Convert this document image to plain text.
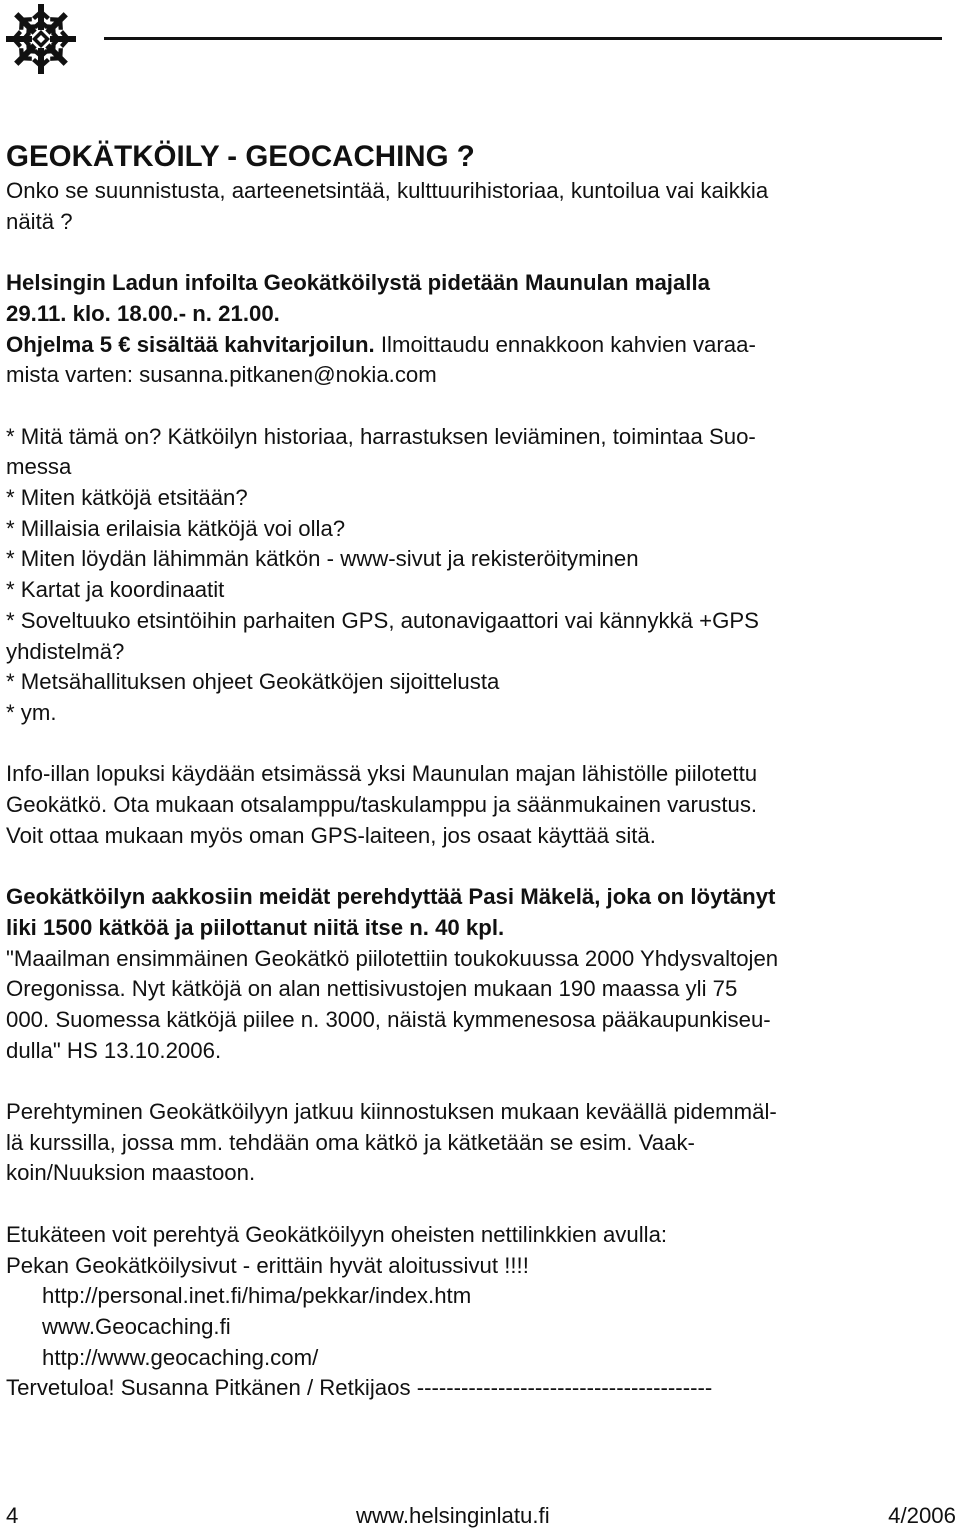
GEOKÄTKÖILY - GEOCACHING ?

Onko se suunnistusta, aarteenetsintää, kulttuurihistoriaa, kuntoilua vai kaikkia

näitä ?

Helsingin Ladun infoilta Geokätköilystä pidetään Maunulan majalla

29.11. klo. 18.00.- n. 21.00.

Ohjelma 5 € sisältää kahvitarjoilun. Ilmoittaudu ennakkoon kahvien varaa-

mista varten: susanna.pitkanen@nokia.com

* Mitä tämä on? Kätköilyn historiaa, harrastuksen leviäminen, toimintaa Suo-

messa

* Miten kätköjä etsitään?

* Millaisia erilaisia kätköjä voi olla?

* Miten löydän lähimmän kätkön - www-sivut ja rekisteröityminen

* Kartat ja koordinaatit

* Soveltuuko etsintöihin parhaiten GPS, autonavigaattori vai kännykkä +GPS

yhdistelmä?

* Metsähallituksen ohjeet Geokätköjen sijoittelusta

* ym.

Info-illan lopuksi käydään etsimässä yksi Maunulan majan lähistölle piilotettu

Geokätkö. Ota mukaan otsalamppu/taskulamppu ja säänmukainen varustus.

Voit ottaa mukaan myös oman GPS-laiteen, jos osaat käyttää sitä.

Geokätköilyn aakkosiin meidät perehdyttää Pasi Mäkelä, joka on löytänyt

liki 1500 kätköä ja piilottanut niitä itse n. 40 kpl.

"Maailman ensimmäinen Geokätkö piilotettiin toukokuussa 2000 Yhdysvaltojen

Oregonissa. Nyt kätköjä on alan nettisivustojen mukaan 190 maassa yli 75

000. Suomessa kätköjä piilee n. 3000, näistä kymmenesosa pääkaupunkiseu-

dulla" HS 13.10.2006.

Perehtyminen Geokätköilyyn jatkuu kiinnostuksen mukaan keväällä pidemmäl-

lä kurssilla, jossa mm. tehdään oma kätkö ja kätketään se esim. Vaak-

koin/Nuuksion maastoon.

Etukäteen voit perehtyä Geokätköilyyn oheisten nettilinkkien avulla:

Pekan Geokätköilysivut - erittäin hyvät aloitussivut !!!!

http://personal.inet.fi/hima/pekkar/index.htm

www.Geocaching.fi

http://www.geocaching.com/

Tervetuloa! Susanna Pitkänen / Retkijaos ----------------------------------------

4	www.helsinginlatu.fi	4/2006
